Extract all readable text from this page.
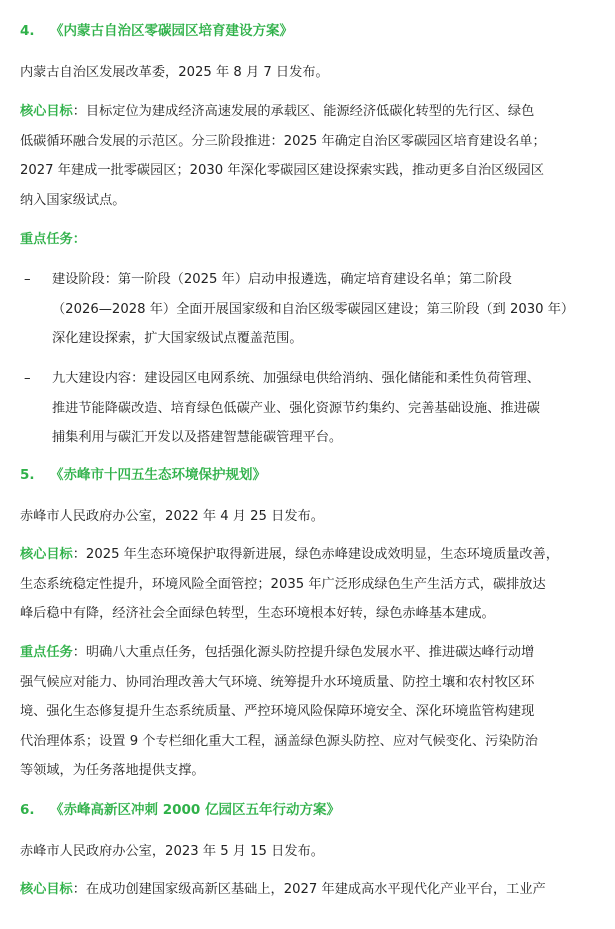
4. 《内蒙古自治区零碳园区培育建设方案》
内蒙古自治区发展改革委，2025 年 8 月 7 日发布。
核心目标：目标定位为建成经济高速发展的承载区、能源经济低碳化转型的先行区、绿色
低碳循环融合发展的示范区。分三阶段推进：2025 年确定自治区零碳园区培育建设名单；
2027 年建成一批零碳园区；2030 年深化零碳园区建设探索实践，推动更多自治区级园区
纳入国家级试点。
重点任务：
–	建设阶段：第一阶段（2025 年）启动申报遴选，确定培育建设名单；第二阶段
（2026—2028 年）全面开展国家级和自治区级零碳园区建设；第三阶段（到 2030 年）
深化建设探索，扩大国家级试点覆盖范围。
–	九大建设内容：建设园区电网系统、加强绿电供给消纳、强化储能和柔性负荷管理、
推进节能降碳改造、培育绿色低碳产业、强化资源节约集约、完善基础设施、推进碳
捕集利用与碳汇开发以及搭建智慧能碳管理平台。
5. 《赤峰市十四五生态环境保护规划》
赤峰市人民政府办公室，2022 年 4 月 25 日发布。
核心目标：2025 年生态环境保护取得新进展，绿色赤峰建设成效明显，生态环境质量改善，
生态系统稳定性提升，环境风险全面管控；2035 年广泛形成绿色生产生活方式，碳排放达
峰后稳中有降，经济社会全面绿色转型，生态环境根本好转，绿色赤峰基本建成。
重点任务：明确八大重点任务，包括强化源头防控提升绿色发展水平、推进碳达峰行动增
强气候应对能力、协同治理改善大气环境、统筹提升水环境质量、防控土壤和农村牧区环
境、强化生态修复提升生态系统质量、严控环境风险保障环境安全、深化环境监管构建现
代治理体系；设置 9 个专栏细化重大工程，涵盖绿色源头防控、应对气候变化、污染防治
等领域，为任务落地提供支撑。
6. 《赤峰高新区冲刺 2000 亿园区五年行动方案》
赤峰市人民政府办公室，2023 年 5 月 15 日发布。
核心目标：在成功创建国家级高新区基础上，2027 年建成高水平现代化产业平台，工业产
